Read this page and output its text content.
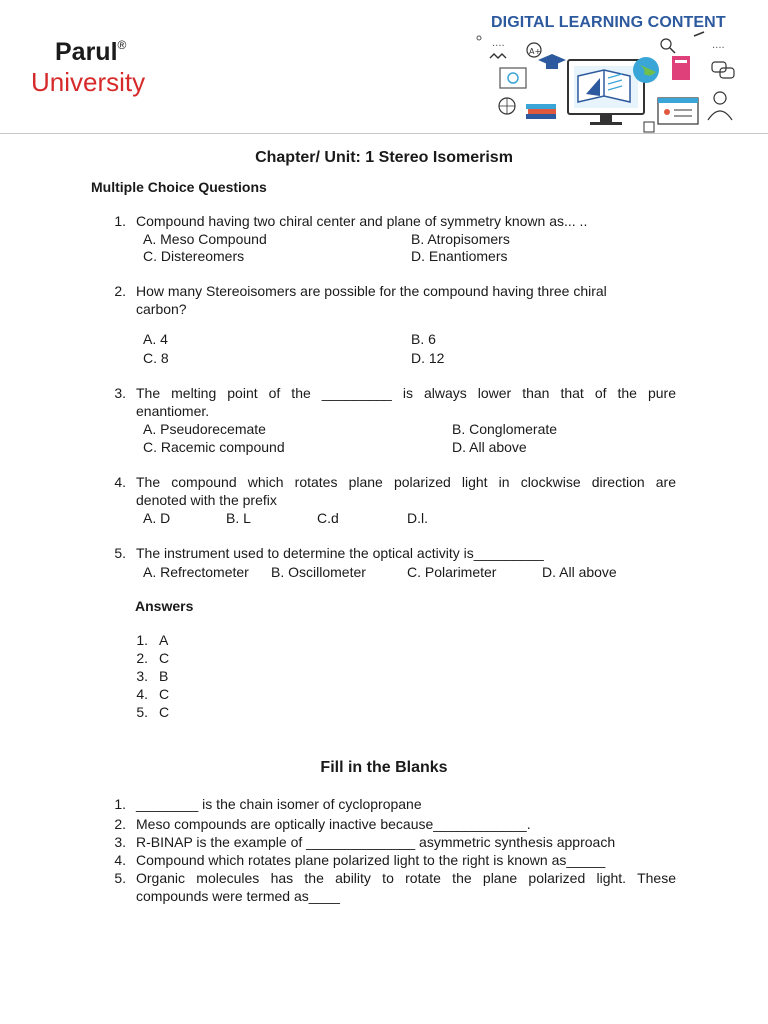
Parul®
University
DIGITAL LEARNING CONTENT
....
A+
....
Chapter/ Unit: 1 Stereo Isomerism
Multiple Choice Questions
1. Compound having two chiral center and plane of symmetry known as... ..
A. Meso Compound	B. Atropisomers
C. Distereomers	D. Enantiomers
2. How many Stereoisomers are possible for the compound having three chiral
carbon?
A. 4	B. 6
C. 8	D. 12
3. The melting point of the _________ is always lower than that of the pure
enantiomer.
A. Pseudorecemate	B. Conglomerate
C. Racemic compound	D. All above
4. The compound which rotates plane polarized light in clockwise direction are
denoted with the prefix
A. D	B. L	C.d	D.l.
5. The instrument used to determine the optical activity is_________
A. Refrectometer B. Oscillometer	C. Polarimeter	D. All above
Answers
1. A
2. C
3. B
4. C
5. C
Fill in the Blanks
1. ________ is the chain isomer of cyclopropane
2. Meso compounds are optically inactive because____________.
3. R-BINAP is the example of ______________ asymmetric synthesis approach
4. Compound which rotates plane polarized light to the right is known as_____
5. Organic molecules has the ability to rotate the plane polarized light. These
compounds were termed as____
